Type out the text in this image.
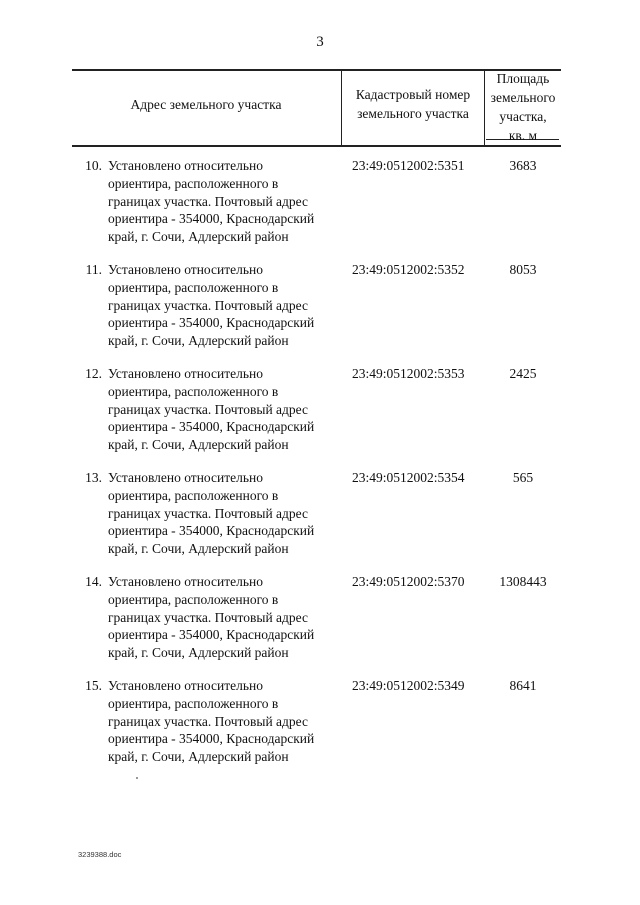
3
Адрес земельного участка
Кадастровый номер
земельного участка
Площадь
земельного
участка,
кв. м
10. Установлено относительно
ориентира, расположенного в
границах участка. Почтовый адрес
ориентира - 354000, Краснодарский
край, г. Сочи, Адлерский район
23:49:0512002:5351	3683
11. Установлено относительно
ориентира, расположенного в
границах участка. Почтовый адрес
ориентира - 354000, Краснодарский
край, г. Сочи, Адлерский район
23:49:0512002:5352	8053
12. Установлено относительно
ориентира, расположенного в
границах участка. Почтовый адрес
ориентира - 354000, Краснодарский
край, г. Сочи, Адлерский район
23:49:0512002:5353	2425
13. Установлено относительно
ориентира, расположенного в
границах участка. Почтовый адрес
ориентира - 354000, Краснодарский
край, г. Сочи, Адлерский район
23:49:0512002:5354	565
14. Установлено относительно
ориентира, расположенного в
границах участка. Почтовый адрес
ориентира - 354000, Краснодарский
край, г. Сочи, Адлерский район
23:49:0512002:5370	1308443
15. Установлено относительно
ориентира, расположенного в
границах участка. Почтовый адрес
ориентира - 354000, Краснодарский
край, г. Сочи, Адлерский район
23:49:0512002:5349	8641
3239388.doc
